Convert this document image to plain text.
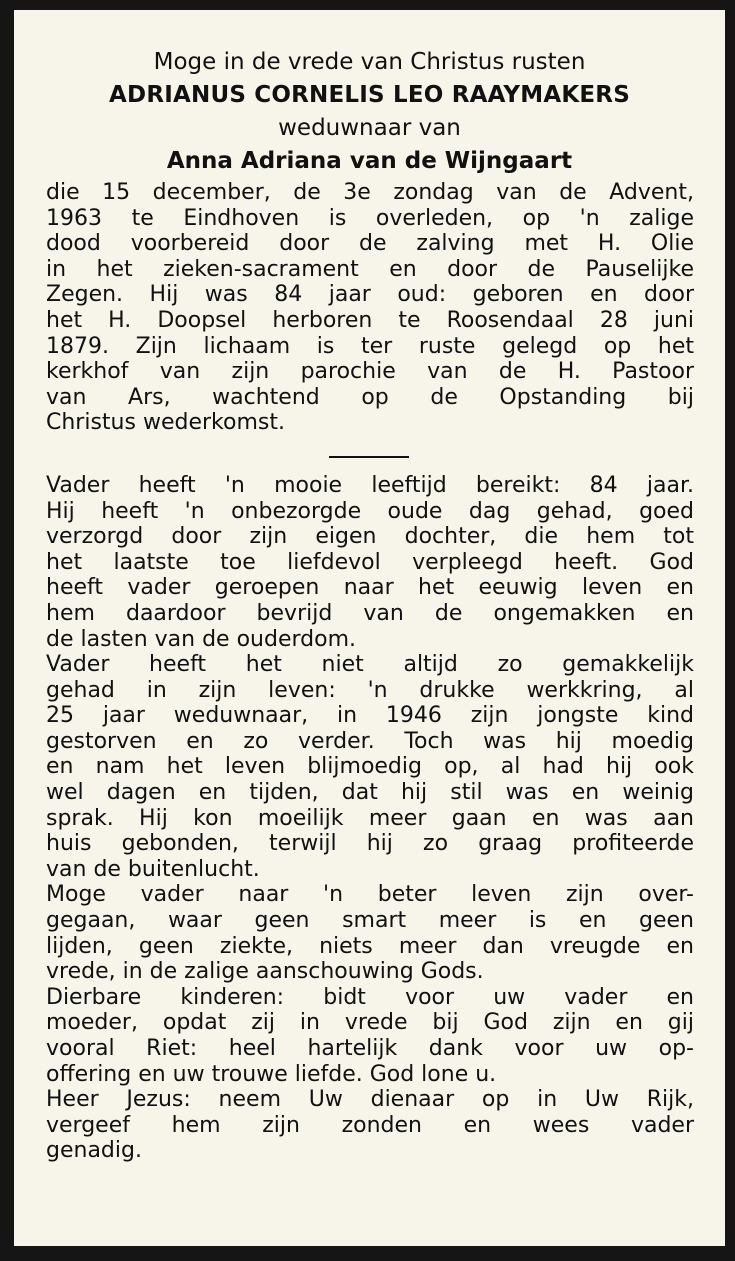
Moge in de vrede van Christus rusten
ADRIANUS CORNELIS LEO RAAYMAKERS
weduwnaar van
Anna Adriana van de Wijngaart
die 15 december, de 3e zondag van de Advent,
1963 te Eindhoven is overleden, op 'n zalige
dood voorbereid door de zalving met H. Olie
in het zieken-sacrament en door de Pauselijke
Zegen. Hij was 84 jaar oud: geboren en door
het H. Doopsel herboren te Roosendaal 28 juni
1879. Zijn lichaam is ter ruste gelegd op het
kerkhof van zijn parochie van de H. Pastoor
van Ars, wachtend op de Opstanding bij
Christus wederkomst.
Vader heeft 'n mooie leeftijd bereikt: 84 jaar.
Hij heeft 'n onbezorgde oude dag gehad, goed
verzorgd door zijn eigen dochter, die hem tot
het laatste toe liefdevol verpleegd heeft. God
heeft vader geroepen naar het eeuwig leven en
hem daardoor bevrijd van de ongemakken en
de lasten van de ouderdom.
Vader heeft het niet altijd zo gemakkelijk
gehad in zijn leven: 'n drukke werkkring, al
25 jaar weduwnaar, in 1946 zijn jongste kind
gestorven en zo verder. Toch was hij moedig
en nam het leven blijmoedig op, al had hij ook
wel dagen en tijden, dat hij stil was en weinig
sprak. Hij kon moeilijk meer gaan en was aan
huis gebonden, terwijl hij zo graag profiteerde
van de buitenlucht.
Moge vader naar 'n beter leven zijn over-
gegaan, waar geen smart meer is en geen
lijden, geen ziekte, niets meer dan vreugde en
vrede, in de zalige aanschouwing Gods.
Dierbare kinderen: bidt voor uw vader en
moeder, opdat zij in vrede bij God zijn en gij
vooral Riet: heel hartelijk dank voor uw op-
offering en uw trouwe liefde. God lone u.
Heer Jezus: neem Uw dienaar op in Uw Rijk,
vergeef hem zijn zonden en wees vader
genadig.
